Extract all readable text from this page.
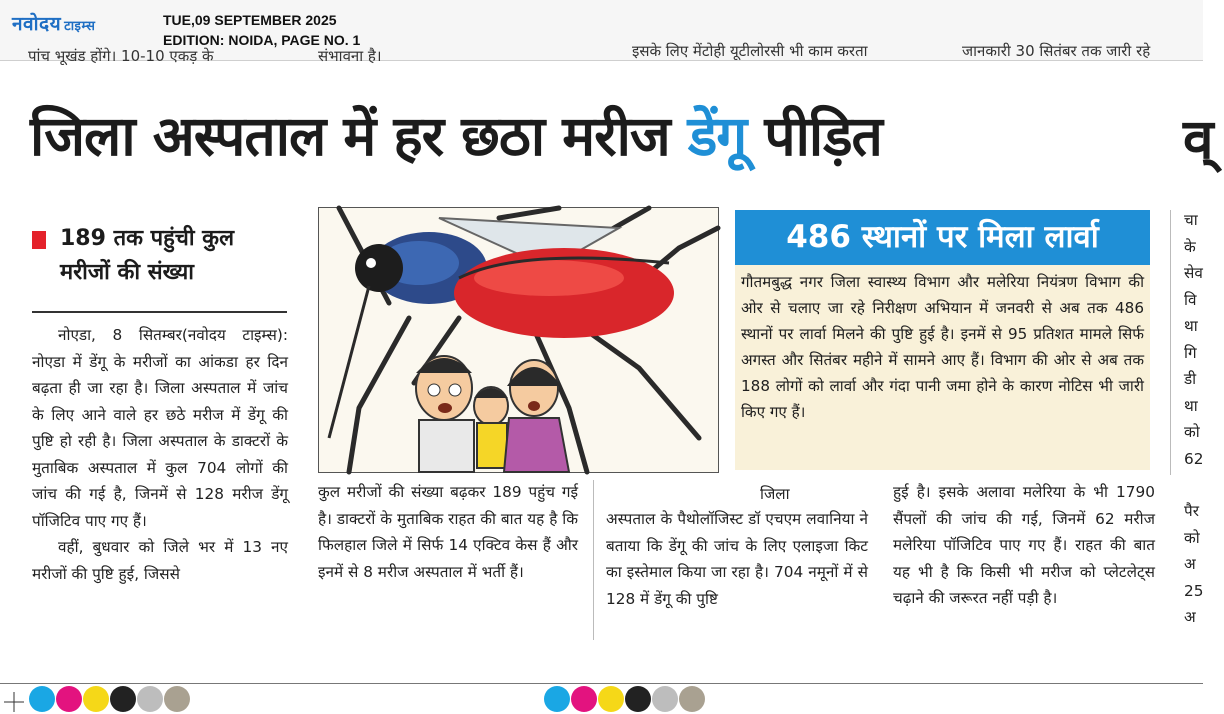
नवोदय टाइम्स	TUE,09 SEPTEMBER 2025
EDITION: NOIDA, PAGE NO. 1
पांच भूखंड होंगे। 10-10 एकड़ के	संभावना है।	इसके लिए मेंटोही यूटीलोरसी भी काम करता	जानकारी 30 सितंबर तक जारी रहे
जिला अस्पताल में हर छठा मरीज डेंगू पीड़ित	व्
189 तक पहुंची कुल मरीजों की संख्या

नोएडा, 8 सितम्बर(नवोदय टाइम्स): नोएडा में डेंगू के मरीजों का आंकडा हर दिन बढ़ता ही जा रहा है। जिला अस्पताल में जांच के लिए आने वाले हर छठे मरीज में डेंगू की पुष्टि हो रही है। जिला अस्पताल के डाक्टरों के मुताबिक अस्पताल में कुल 704 लोगों की जांच की गई है, जिनमें से 128 मरीज डेंगू पॉजिटिव पाए गए हैं।

वहीं, बुधवार को जिले भर में 13 नए मरीजों की पुष्टि हुई, जिससे

कुल मरीजों की संख्या बढ़कर 189 पहुंच गई है। डाक्टरों के मुताबिक राहत की बात यह है कि फिलहाल जिले में सिर्फ 14 एक्टिव केस हैं और इनमें से 8 मरीज अस्पताल में भर्ती हैं।

जिला

अस्पताल के पैथोलॉजिस्ट डॉ एचएम लवानिया ने बताया कि डेंगू की जांच के लिए एलाइजा किट का इस्तेमाल किया जा रहा है। 704 नमूनों में से 128 में डेंगू की पुष्टि

हुई है। इसके अलावा मलेरिया के भी 1790 सैंपलों की जांच की गई, जिनमें 62 मरीज मलेरिया पॉजिटिव पाए गए हैं। राहत की बात यह भी है कि किसी भी मरीज को प्लेटलेट्स चढ़ाने की जरूरत नहीं पड़ी है।

486 स्थानों पर मिला लार्वा
गौतमबुद्ध नगर जिला स्वास्थ्य विभाग और मलेरिया नियंत्रण विभाग की ओर से चलाए जा रहे निरीक्षण अभियान में जनवरी से अब तक 486 स्थानों पर लार्वा मिलने की पुष्टि हुई है। इनमें से 95 प्रतिशत मामले सिर्फ अगस्त और सितंबर महीने में सामने आए हैं। विभाग की ओर से अब तक 188 लोगों को लार्वा और गंदा पानी जमा होने के कारण नोटिस भी जारी किए गए हैं।
चा
के
सेव
वि
था
गि
डी
था
को
62
पैर
को
अ
25
अ
